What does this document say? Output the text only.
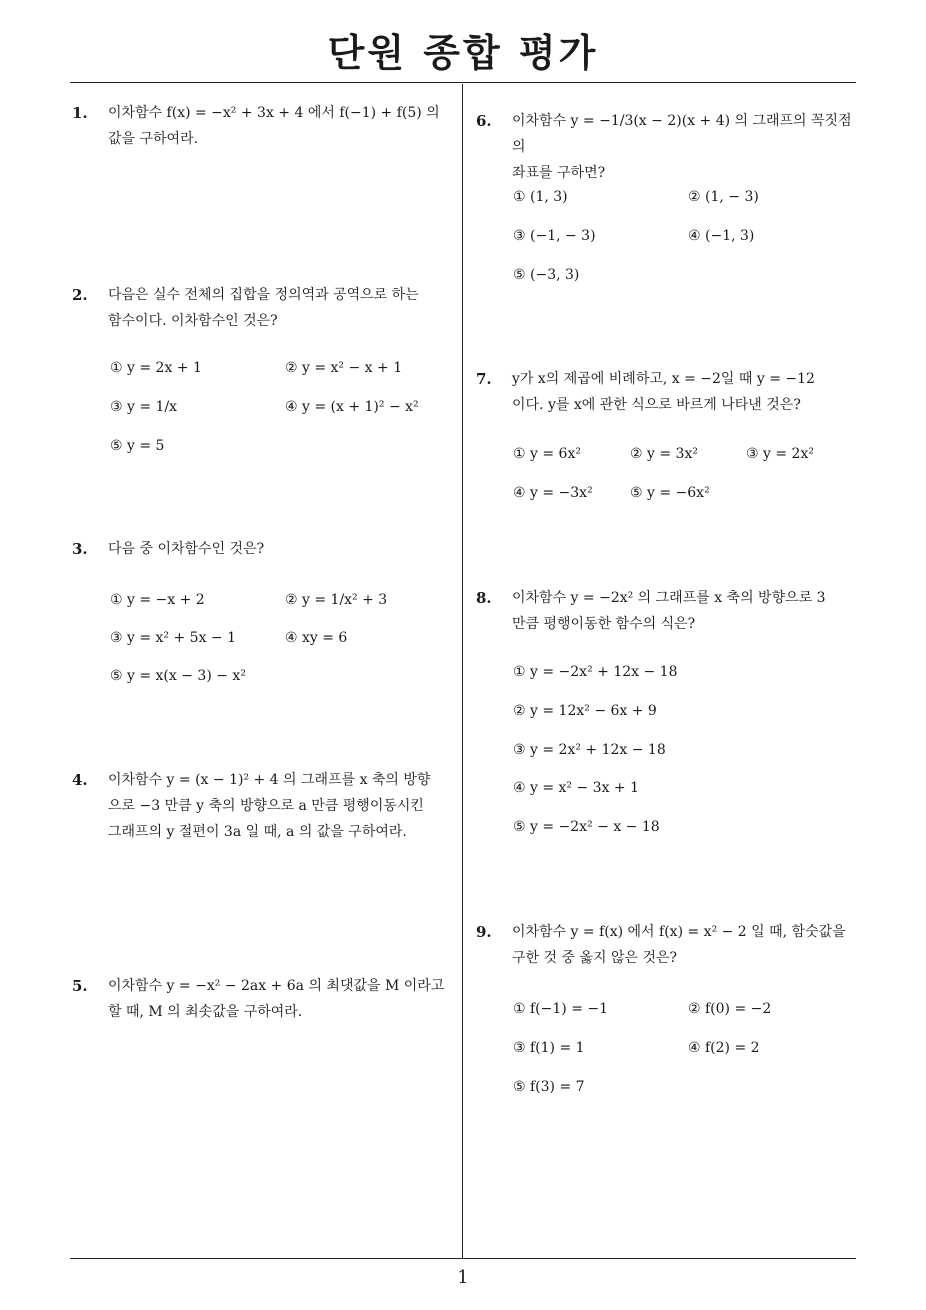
단원 종합 평가
1
1. 이차함수 f(x) = −x² + 3x + 4 에서 f(−1) + f(5) 의
값을 구하여라.
2. 다음은 실수 전체의 집합을 정의역과 공역으로 하는
함수이다. 이차함수인 것은?
① y = 2x + 1	② y = x² − x + 1
③ y = 1/x	④ y = (x + 1)² − x²
⑤ y = 5
3. 다음 중 이차함수인 것은?
① y = −x + 2	② y = 1/x² + 3
③ y = x² + 5x − 1	④ xy = 6
⑤ y = x(x − 3) − x²
4. 이차함수 y = (x − 1)² + 4 의 그래프를 x 축의 방향
으로 −3 만큼 y 축의 방향으로 a 만큼 평행이동시킨
그래프의 y 절편이 3a 일 때, a 의 값을 구하여라.
5. 이차함수 y = −x² − 2ax + 6a 의 최댓값을 M 이라고
할 때, M 의 최솟값을 구하여라.
6. 이차함수 y = −1/3(x − 2)(x + 4) 의 그래프의 꼭짓점의
좌표를 구하면?
① (1, 3)	② (1, − 3)
③ (−1, − 3)	④ (−1, 3)
⑤ (−3, 3)
7. y가 x의 제곱에 비례하고, x = −2일 때 y = −12
이다. y를 x에 관한 식으로 바르게 나타낸 것은?
① y = 6x²	② y = 3x²	③ y = 2x²
④ y = −3x²	⑤ y = −6x²
8. 이차함수 y = −2x² 의 그래프를 x 축의 방향으로 3
만큼 평행이동한 함수의 식은?
① y = −2x² + 12x − 18
② y = 12x² − 6x + 9
③ y = 2x² + 12x − 18
④ y = x² − 3x + 1
⑤ y = −2x² − x − 18
9. 이차함수 y = f(x) 에서 f(x) = x² − 2 일 때, 함숫값을
구한 것 중 옳지 않은 것은?
① f(−1) = −1	② f(0) = −2
③ f(1) = 1	④ f(2) = 2
⑤ f(3) = 7
